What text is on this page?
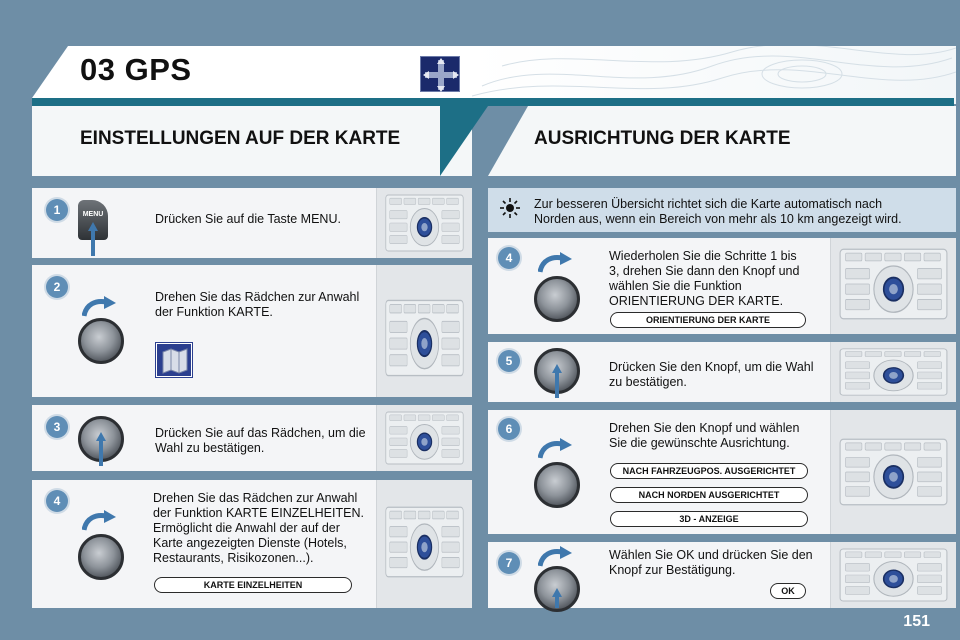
03 GPS
EINSTELLUNGEN AUF DER KARTE	AUSRICHTUNG DER KARTE
1	MENU	Drücken Sie auf die Taste MENU.
2
Drehen Sie das Rädchen zur Anwahl der Funktion KARTE.
3	Drücken Sie auf das Rädchen, um die Wahl zu bestätigen.
4	Drehen Sie das Rädchen zur Anwahl der Funktion KARTE EINZELHEITEN. Ermöglicht die Anwahl der auf der Karte angezeigten Dienste (Hotels, Restaurants, Risikozonen...).
KARTE EINZELHEITEN
Zur besseren Übersicht richtet sich die Karte automatisch nach Norden aus, wenn ein Bereich von mehr als 10 km angezeigt wird.
4	Wiederholen Sie die Schritte 1 bis 3, drehen Sie dann den Knopf und wählen Sie die Funktion ORIENTIERUNG DER KARTE.
ORIENTIERUNG DER KARTE
5	Drücken Sie den Knopf, um die Wahl zu bestätigen.
6	Drehen Sie den Knopf und wählen Sie die gewünschte Ausrichtung.
NACH FAHRZEUGPOS. AUSGERICHTET
NACH NORDEN AUSGERICHTET
3D - ANZEIGE
7
Wählen Sie OK und drücken Sie den Knopf zur Bestätigung.
OK
151
